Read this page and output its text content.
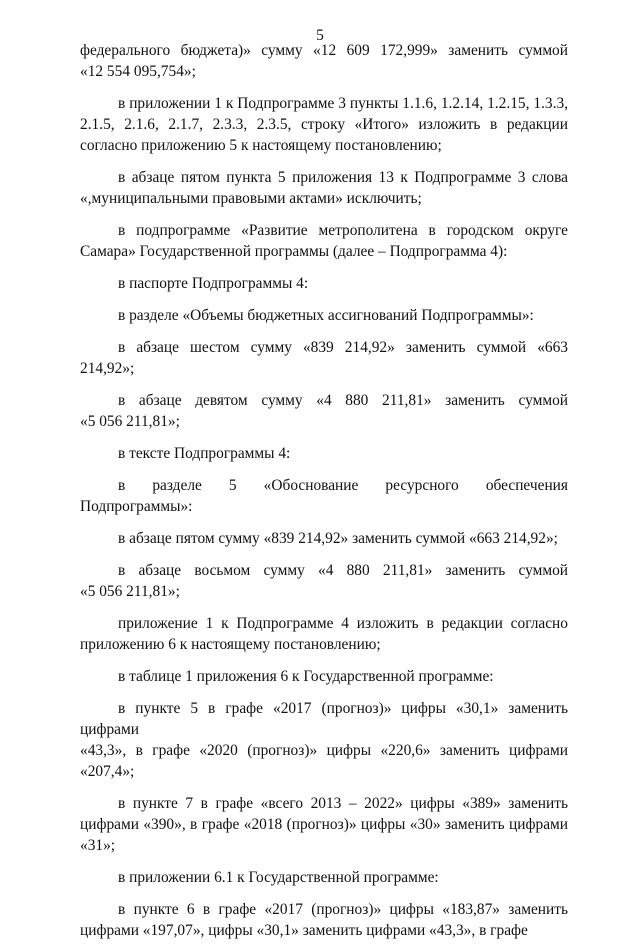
5
федерального бюджета)» сумму «12 609 172,999» заменить суммой
«12 554 095,754»;
в приложении 1 к Подпрограмме 3 пункты 1.1.6, 1.2.14, 1.2.15, 1.3.3,
2.1.5, 2.1.6, 2.1.7, 2.3.3, 2.3.5, строку «Итого» изложить в редакции
согласно приложению 5 к настоящему постановлению;
в абзаце пятом пункта 5 приложения 13 к Подпрограмме 3 слова
«,муниципальными правовыми актами» исключить;
в подпрограмме «Развитие метрополитена в городском округе
Самара» Государственной программы (далее – Подпрограмма 4):
в паспорте Подпрограммы 4:
в разделе «Объемы бюджетных ассигнований Подпрограммы»:
в абзаце шестом сумму «839 214,92» заменить суммой «663 214,92»;
в абзаце девятом сумму «4 880 211,81» заменить суммой
«5 056 211,81»;
в тексте Подпрограммы 4:
в разделе 5 «Обоснование ресурсного обеспечения Подпрограммы»:
в абзаце пятом сумму «839 214,92» заменить суммой «663 214,92»;
в абзаце восьмом сумму «4 880 211,81» заменить суммой
«5 056 211,81»;
приложение 1 к Подпрограмме 4 изложить в редакции согласно
приложению 6 к настоящему постановлению;
в таблице 1 приложения 6 к Государственной программе:
в пункте 5 в графе «2017 (прогноз)» цифры «30,1» заменить цифрами
«43,3», в графе «2020 (прогноз)» цифры «220,6» заменить цифрами
«207,4»;
в пункте 7 в графе «всего 2013 – 2022» цифры «389» заменить
цифрами «390», в графе «2018 (прогноз)» цифры «30» заменить цифрами
«31»;
в приложении 6.1 к Государственной программе:
в пункте 6 в графе «2017 (прогноз)» цифры «183,87» заменить
цифрами «197,07», цифры «30,1» заменить цифрами «43,3», в графе
